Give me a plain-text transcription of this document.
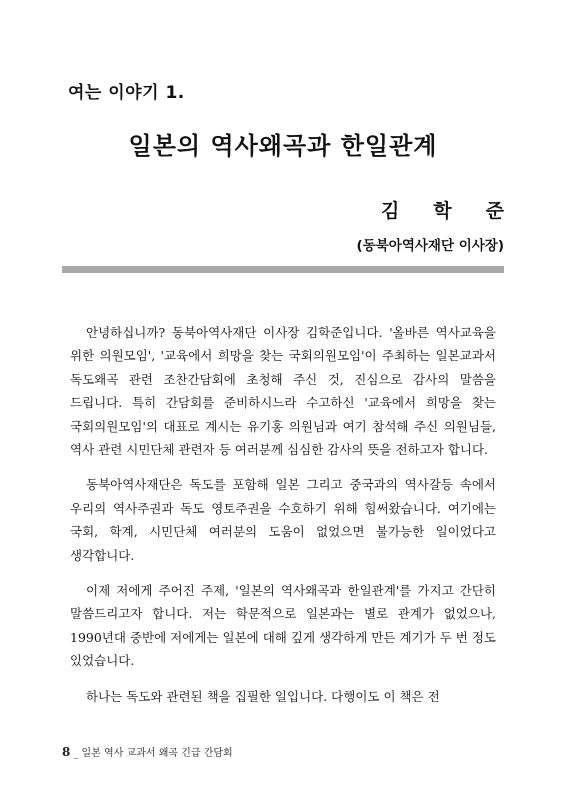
여는 이야기 1.
일본의 역사왜곡과 한일관계
김학준
(동북아역사재단 이사장)

안녕하십니까? 동북아역사재단 이사장 김학준입니다. '올바른 역사교육을 위한 의원모임', '교육에서 희망을 찾는 국회의원모임'이 주최하는 일본교과서 독도왜곡 관련 조찬간담회에 초청해 주신 것, 진심으로 감사의 말씀을 드립니다. 특히 간담회를 준비하시느라 수고하신 '교육에서 희망을 찾는 국회의원모임'의 대표로 계시는 유기홍 의원님과 여기 참석해 주신 의원님들, 역사 관련 시민단체 관련자 등 여러분께 심심한 감사의 뜻을 전하고자 합니다.

동북아역사재단은 독도를 포함해 일본 그리고 중국과의 역사갈등 속에서 우리의 역사주권과 독도 영토주권을 수호하기 위해 힘써왔습니다. 여기에는 국회, 학계, 시민단체 여러분의 도움이 없었으면 불가능한 일이었다고 생각합니다.

이제 저에게 주어진 주제, '일본의 역사왜곡과 한일관계'를 가지고 간단히 말씀드리고자 합니다. 저는 학문적으로 일본과는 별로 관계가 없었으나, 1990년대 중반에 저에게는 일본에 대해 깊게 생각하게 만든 계기가 두 번 정도 있었습니다.

하나는 독도와 관련된 책을 집필한 일입니다. 다행이도 이 책은 전

8 _ 일본 역사 교과서 왜곡 긴급 간담회
